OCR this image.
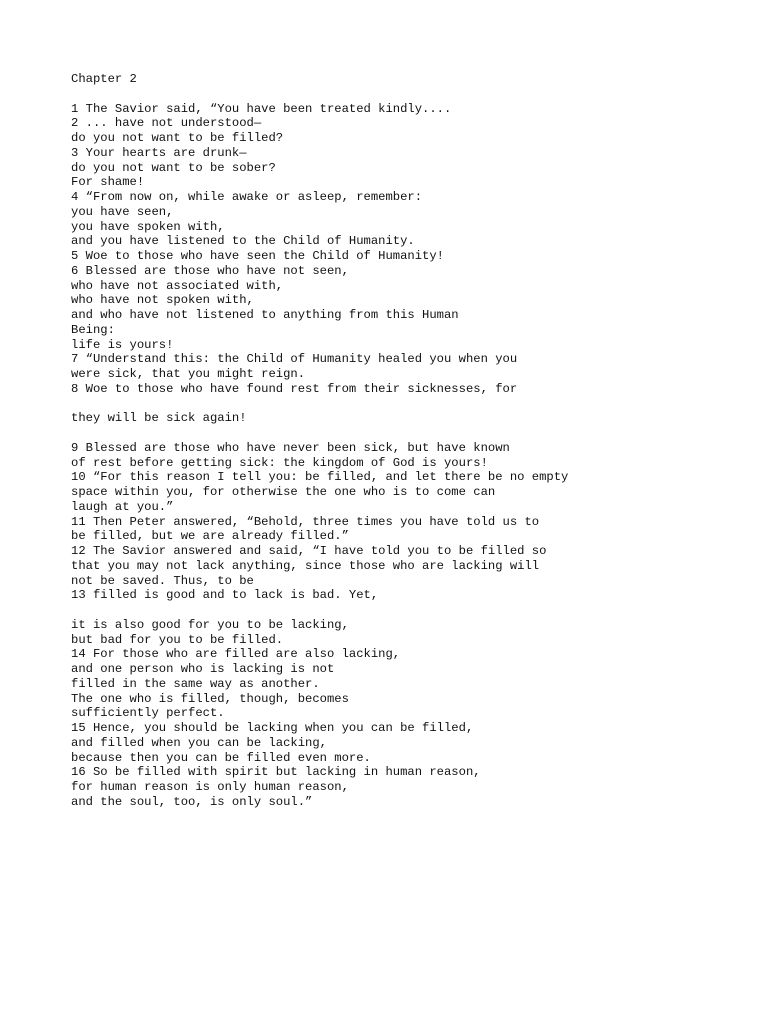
Chapter 2
1 The Savior said, “You have been treated kindly....
2 ... have not understood—
do you not want to be filled?
3 Your hearts are drunk—
do you not want to be sober?
For shame!
4 “From now on, while awake or asleep, remember:
you have seen,
you have spoken with,
and you have listened to the Child of Humanity.
5 Woe to those who have seen the Child of Humanity!
6 Blessed are those who have not seen,
who have not associated with,
who have not spoken with,
and who have not listened to anything from this Human
Being:
life is yours!
7 “Understand this: the Child of Humanity healed you when you
were sick, that you might reign.
8 Woe to those who have found rest from their sicknesses, for
they will be sick again!
9 Blessed are those who have never been sick, but have known
of rest before getting sick: the kingdom of God is yours!
10 “For this reason I tell you: be filled, and let there be no empty
space within you, for otherwise the one who is to come can
laugh at you.”
11 Then Peter answered, “Behold, three times you have told us to
be filled, but we are already filled.”
12 The Savior answered and said, “I have told you to be filled so
that you may not lack anything, since those who are lacking will
not be saved. Thus, to be
13 filled is good and to lack is bad. Yet,
it is also good for you to be lacking,
but bad for you to be filled.
14 For those who are filled are also lacking,
and one person who is lacking is not
filled in the same way as another.
The one who is filled, though, becomes
sufficiently perfect.
15 Hence, you should be lacking when you can be filled,
and filled when you can be lacking,
because then you can be filled even more.
16 So be filled with spirit but lacking in human reason,
for human reason is only human reason,
and the soul, too, is only soul.”
